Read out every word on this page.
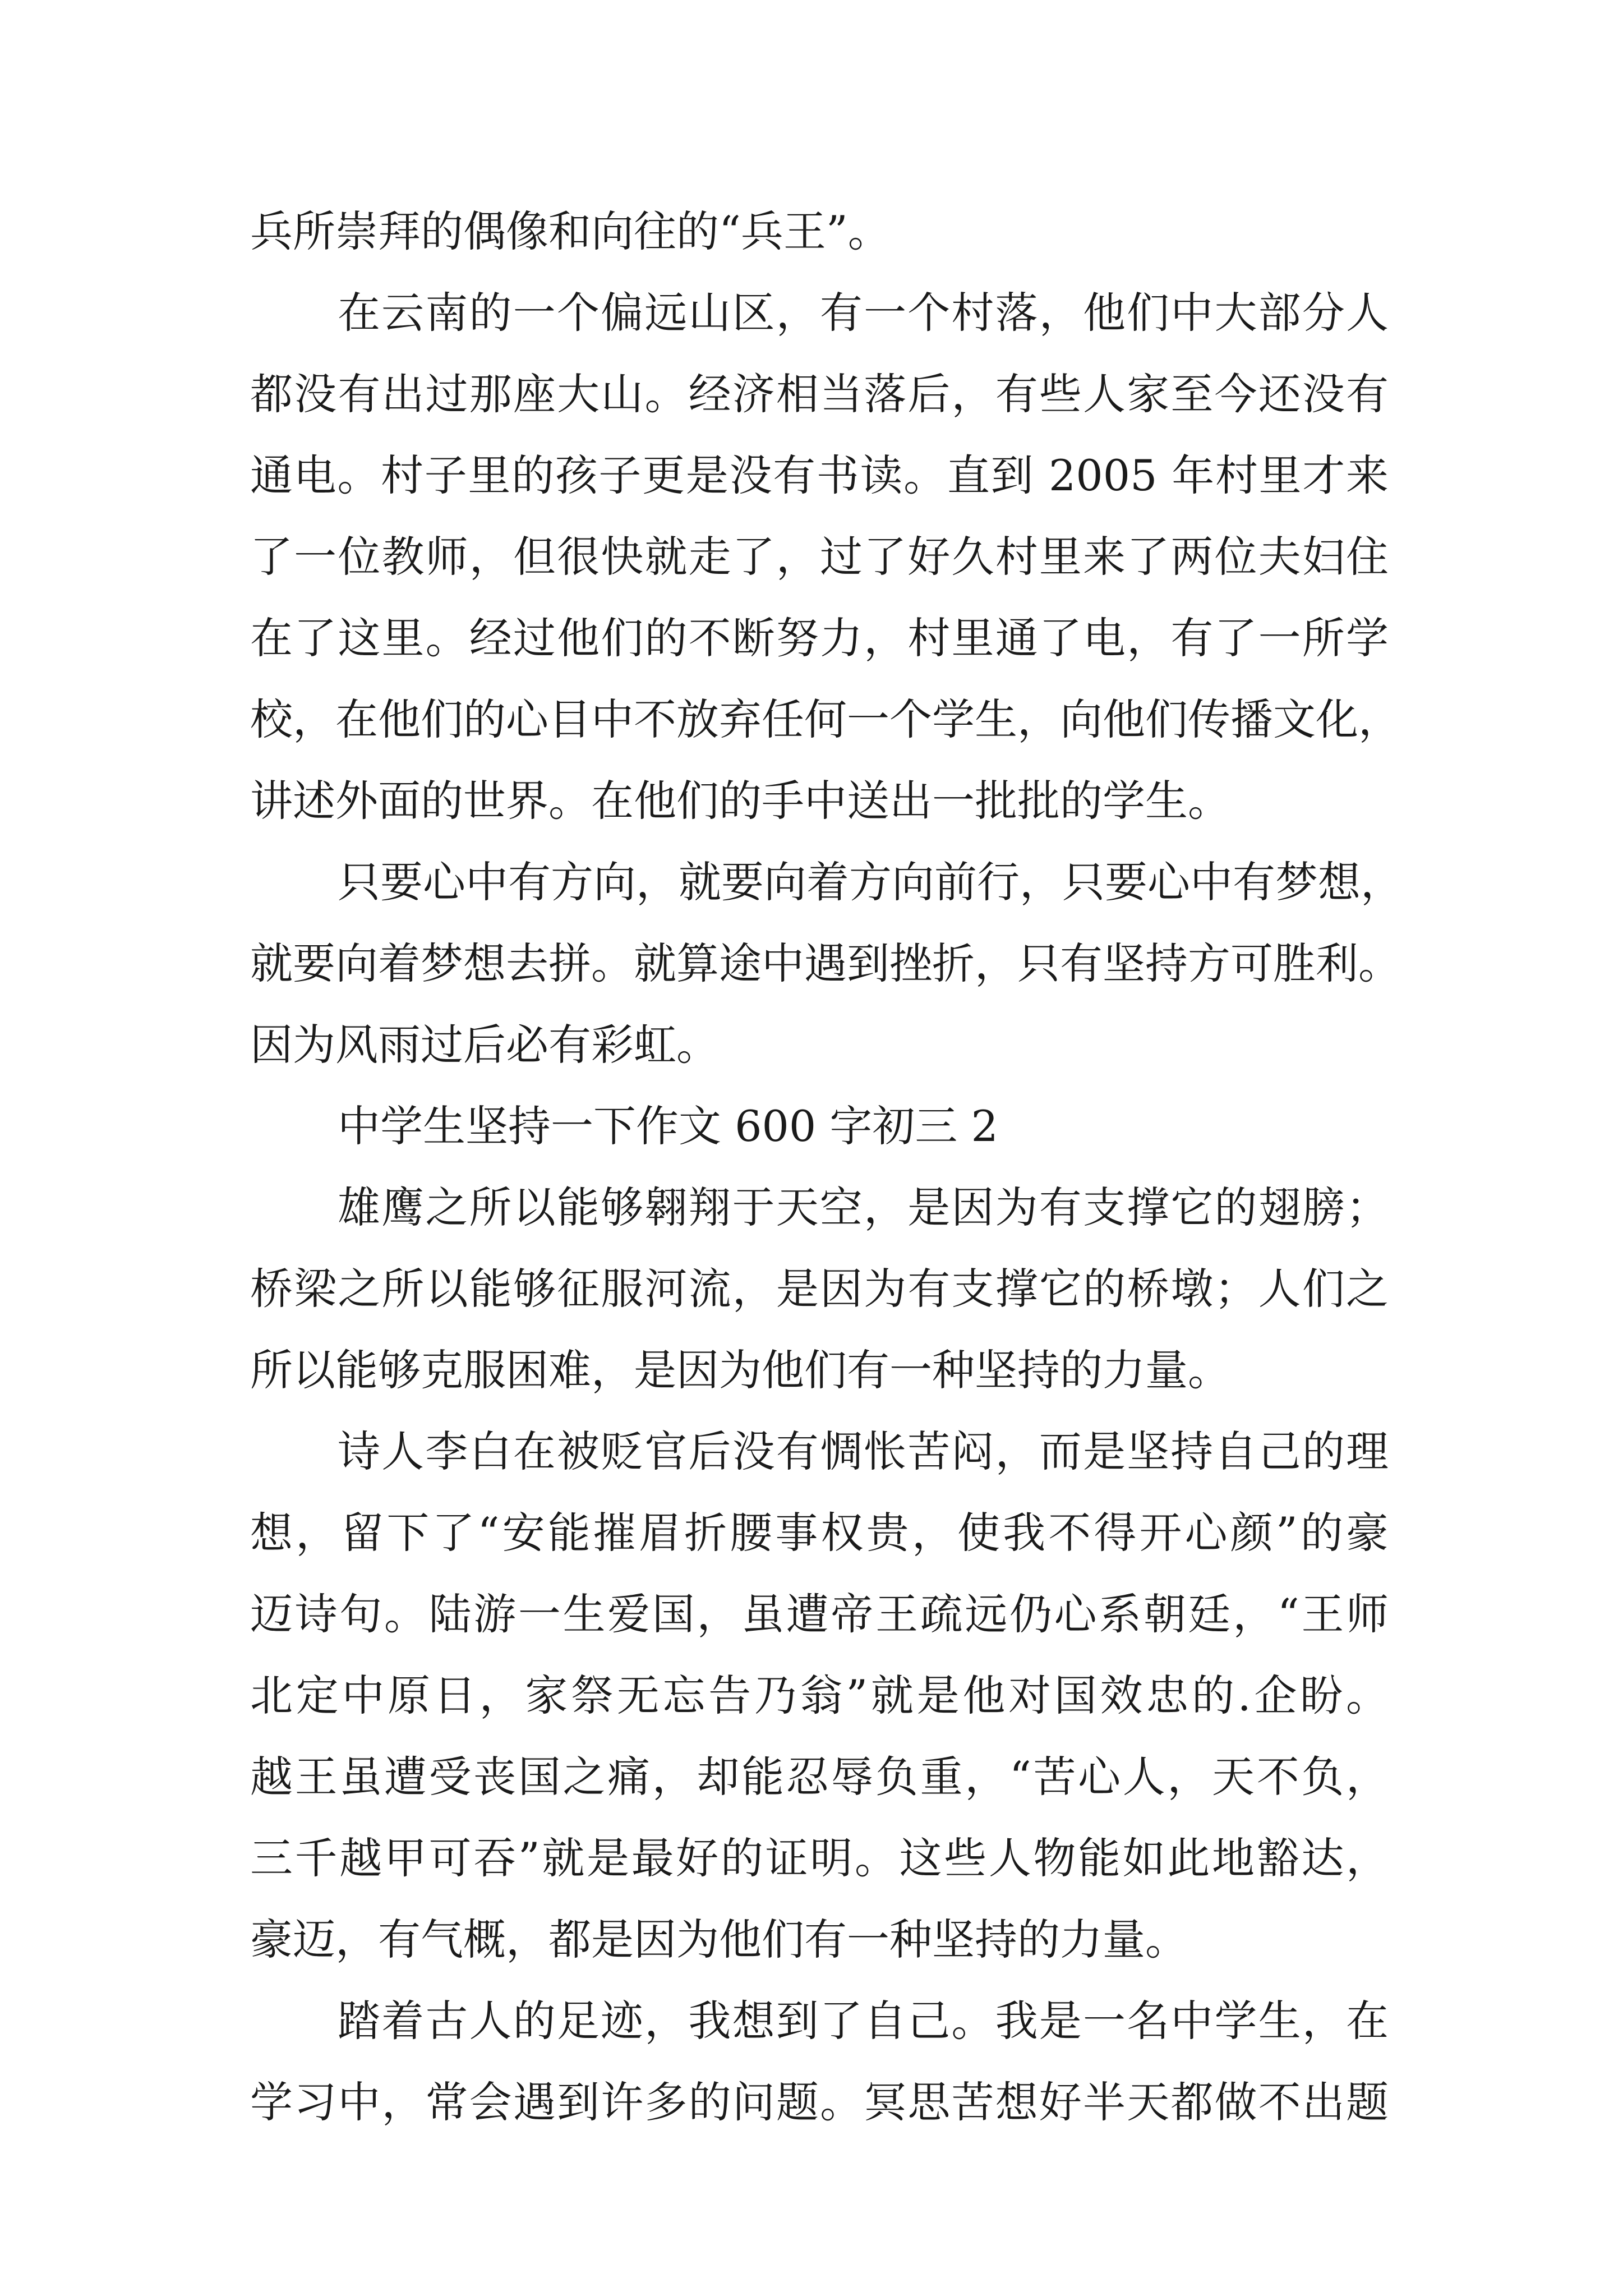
兵所崇拜的偶像和向往的“兵王”。
在云南的一个偏远山区，有一个村落，他们中大部分人
都没有出过那座大山。经济相当落后，有些人家至今还没有
通电。村子里的孩子更是没有书读。直到 2005 年村里才来
了一位教师，但很快就走了，过了好久村里来了两位夫妇住
在了这里。经过他们的不断努力，村里通了电，有了一所学
校，在他们的心目中不放弃任何一个学生，向他们传播文化，
讲述外面的世界。在他们的手中送出一批批的学生。
只要心中有方向，就要向着方向前行，只要心中有梦想，
就要向着梦想去拼。就算途中遇到挫折，只有坚持方可胜利。
因为风雨过后必有彩虹。
中学生坚持一下作文 600 字初三 2
雄鹰之所以能够翱翔于天空，是因为有支撑它的翅膀；
桥梁之所以能够征服河流，是因为有支撑它的桥墩；人们之
所以能够克服困难，是因为他们有一种坚持的力量。
诗人李白在被贬官后没有惆怅苦闷，而是坚持自己的理
想，留下了“安能摧眉折腰事权贵，使我不得开心颜”的豪
迈诗句。陆游一生爱国，虽遭帝王疏远仍心系朝廷，“王师
北定中原日，家祭无忘告乃翁”就是他对国效忠的.企盼。
越王虽遭受丧国之痛，却能忍辱负重，“苦心人，天不负，
三千越甲可吞”就是最好的证明。这些人物能如此地豁达，
豪迈，有气概，都是因为他们有一种坚持的力量。
踏着古人的足迹，我想到了自己。我是一名中学生，在
学习中，常会遇到许多的问题。冥思苦想好半天都做不出题
